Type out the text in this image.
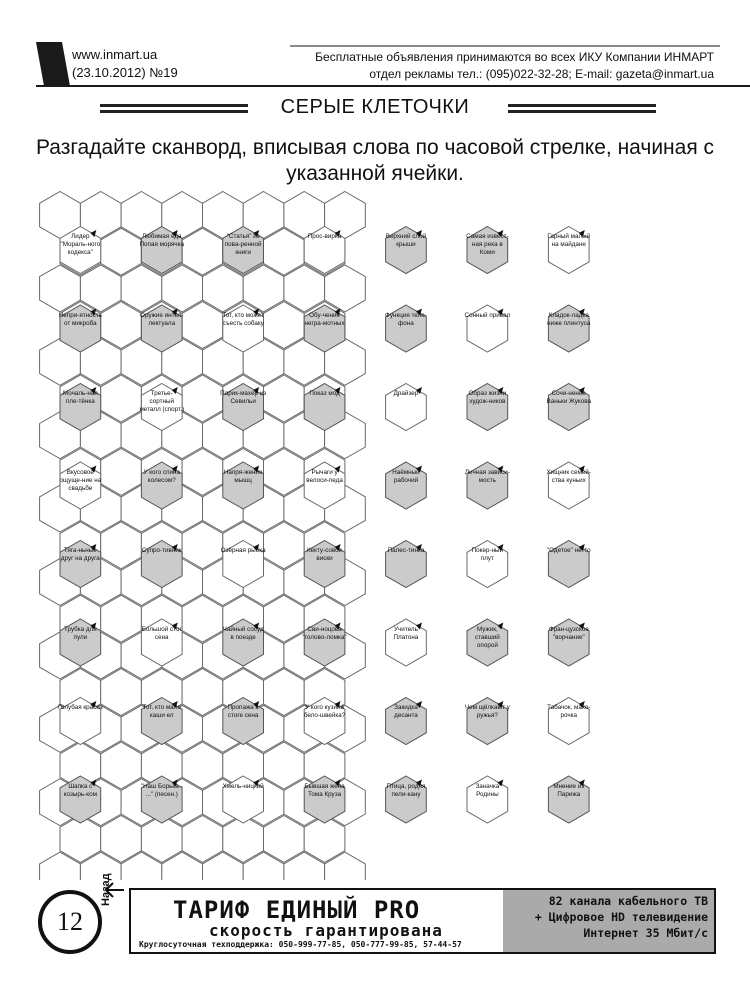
www.inmart.ua
(23.10.2012) №19
Бесплатные объявления принимаются во всех ИКУ Компании ИНМАРТ
отдел рекламы тел.: (095)022-32-28; E-mail: gazeta@inmart.ua
СЕРЫЕ КЛЕТОЧКИ
Разгадайте сканворд, вписывая слова по часовой стрелке, начиная с указанной ячейки.
Лидер "Мораль-ного кодекса"
Любимая еда Попая морячка
"Статья" из пова-ренной книги
Прос-вирка	Верхний слой крыши
Самая извест-ная река в Коми
Гарный малый на майдане
Непри-ятность от микроба
Оружие интел-лектуала
Тот, кто может съесть собаку
Обу-чение негра-мотных
Функция теле-фона
Сонный привал	Кладок-ладка ниже плинтуса
Мочаль-ная пле-тёнка
Третье-сортный металл (спорт.)
Парик-махер из Севильи
Показ мод	Драйзер	Образ жизни худож-ников
Сочи-нение Ваньки Жукова
Вкусовое ощуще-ние на свадьбе
У кого спина колесом?
Напря-жение мышц
Рычаги у велоси-педа
Наёмный рабочий
Личная зависи-мость
Хищник семей-ства куньих
Тяга-ньные друг на друга
Супро-тивник	Озёрная рыбка	Кекту-совое виски
Палес-тинка	Покер-ный плут
"Одетое" нетто
Трубка для пули
Большой стог сена
Чайный сосуд в поезде
Сви-ноцова "голово-ломка"
Учитель Платона
Мужик, ставший опорой
Фран-цузское "ворчание"
Голубая краска	Тот, кто мало каши ел
Пропажа в стоге сена
У кого кузина бело-швейка?
Закидка десанта
Чем щёлкают у ружья?
Табачок, махо-рочка
Шапка с козырь-ком
"Наш Борька - ..." (песен.)
Хмель-ницкий	Бывшая жена Тома Круза
Птица, родня пели-кану
Заначка Родины
Мнение из Парижа
12
Назад
ТАРИФ ЕДИНЫЙ PRO
скорость гарантирована
Круглосуточная техподдержка: 050-999-77-85, 050-777-99-85, 57-44-57
82 канала кабельного ТВ
+ Цифровое HD телевидение
Интернет 35 Мбит/с
